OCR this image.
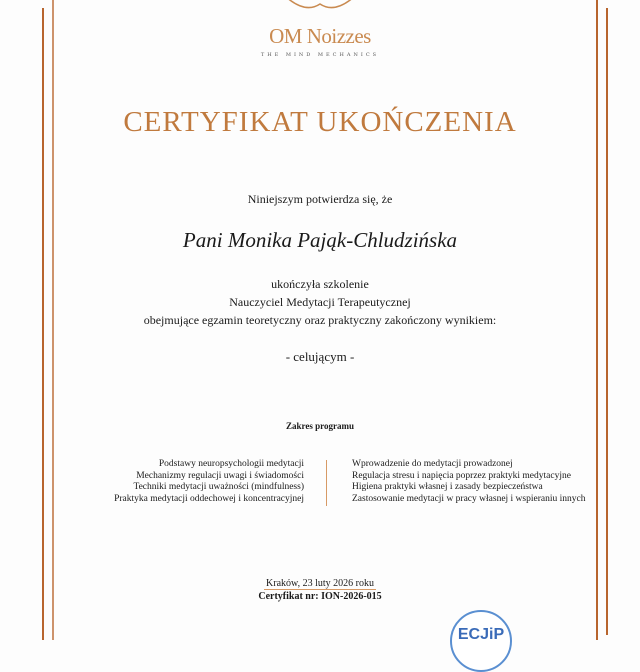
OM Noizzes
THE MIND MECHANICS
CERTYFIKAT UKOŃCZENIA
Niniejszym potwierdza się, że
Pani Monika Pająk-Chludzińska
ukończyła szkolenie
Nauczyciel Medytacji Terapeutycznej
obejmujące egzamin teoretyczny oraz praktyczny zakończony wynikiem:
- celującym -
Zakres programu
Podstawy neuropsychologii medytacji
Mechanizmy regulacji uwagi i świadomości
Techniki medytacji uważności (mindfulness)
Praktyka medytacji oddechowej i koncentracyjnej
Wprowadzenie do medytacji prowadzonej
Regulacja stresu i napięcia poprzez praktyki medytacyjne
Higiena praktyki własnej i zasady bezpieczeństwa
Zastosowanie medytacji w pracy własnej i wspieraniu innych
Kraków, 23 luty 2026 roku
Certyfikat nr: ION-2026-015
ECJiP
